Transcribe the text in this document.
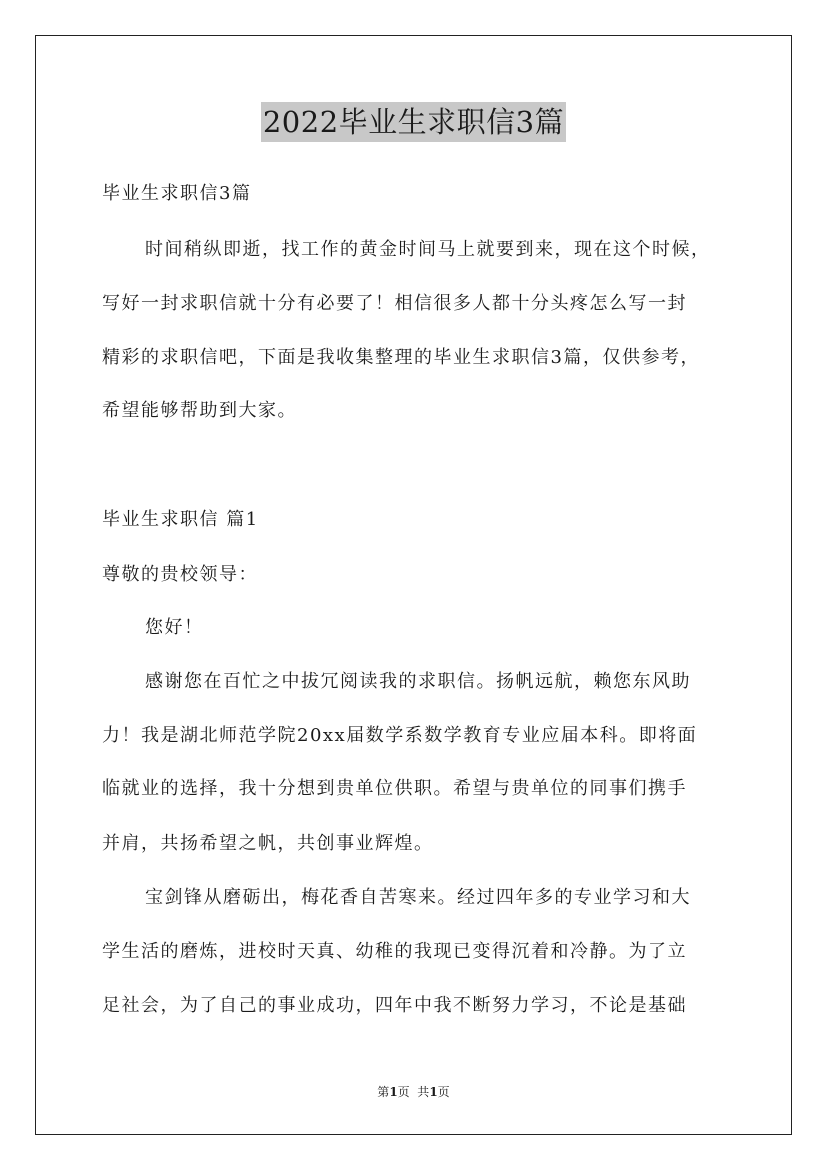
2022毕业生求职信3篇
毕业生求职信3篇
时间稍纵即逝，找工作的黄金时间马上就要到来，现在这个时候，
写好一封求职信就十分有必要了！相信很多人都十分头疼怎么写一封
精彩的求职信吧，下面是我收集整理的毕业生求职信3篇，仅供参考，
希望能够帮助到大家。
毕业生求职信 篇1
尊敬的贵校领导：
您好！
感谢您在百忙之中拔冗阅读我的求职信。扬帆远航，赖您东风助
力！我是湖北师范学院20xx届数学系数学教育专业应届本科。即将面
临就业的选择，我十分想到贵单位供职。希望与贵单位的同事们携手
并肩，共扬希望之帆，共创事业辉煌。
宝剑锋从磨砺出，梅花香自苦寒来。经过四年多的专业学习和大
学生活的磨炼，进校时天真、幼稚的我现已变得沉着和冷静。为了立
足社会，为了自己的事业成功，四年中我不断努力学习，不论是基础
第1页  共1页
